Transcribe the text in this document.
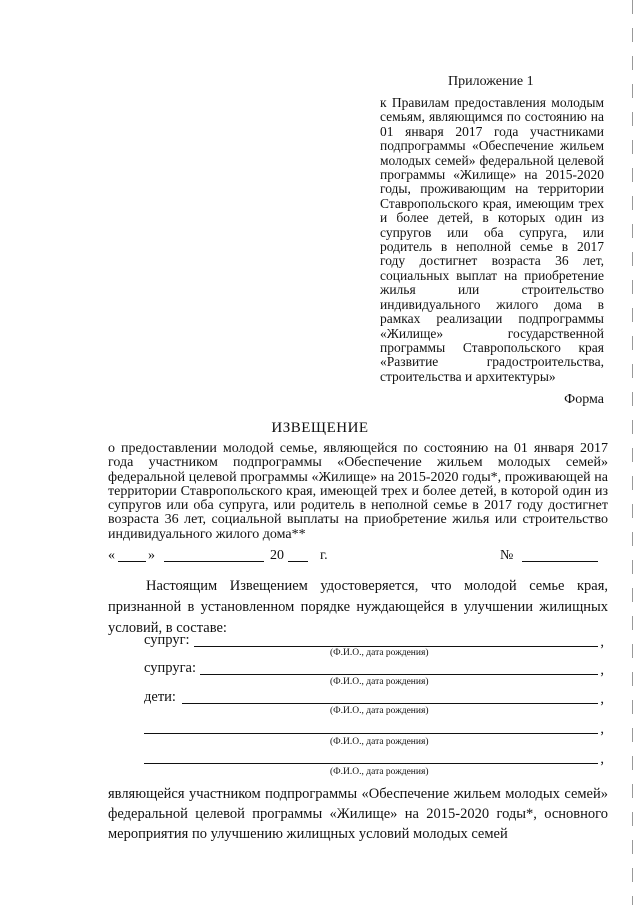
Приложение 1
к Правилам предоставления молодым семьям, являющимся по состоянию на 01 января 2017 года участниками подпрограммы «Обеспечение жильем молодых семей» федеральной целевой программы «Жилище» на 2015-2020 годы, проживающим на территории Ставропольского края, имеющим трех и более детей, в которых один из супругов или оба супруга, или родитель в неполной семье в 2017 году достигнет возраста 36 лет, социальных выплат на приобретение жилья или строительство индивидуального жилого дома в рамках реализации подпрограммы «Жилище» государственной программы Ставропольского края «Развитие градостроительства, строительства и архитектуры»
Форма
ИЗВЕЩЕНИЕ
о предоставлении молодой семье, являющейся по состоянию на 01 января 2017 года участником подпрограммы «Обеспечение жильем молодых семей» федеральной целевой программы «Жилище» на 2015-2020 годы*, проживающей на территории Ставропольского края, имеющей трех и более детей, в которой один из супругов или оба супруга, или родитель в неполной семье в 2017 году достигнет возраста 36 лет, социальной выплаты на приобретение жилья или строительство индивидуального жилого дома**
« »	20	г.	№
Настоящим Извещением удостоверяется, что молодой семье края, признанной в установленном порядке нуждающейся в улучшении жилищных условий, в составе:
супруг:	,
(Ф.И.О., дата рождения)
супруга:	,
(Ф.И.О., дата рождения)
дети:	,
(Ф.И.О., дата рождения)
,
(Ф.И.О., дата рождения)
,
(Ф.И.О., дата рождения)
являющейся участником подпрограммы «Обеспечение жильем молодых семей» федеральной целевой программы «Жилище» на 2015-2020 годы*, основного мероприятия по улучшению жилищных условий молодых семей
